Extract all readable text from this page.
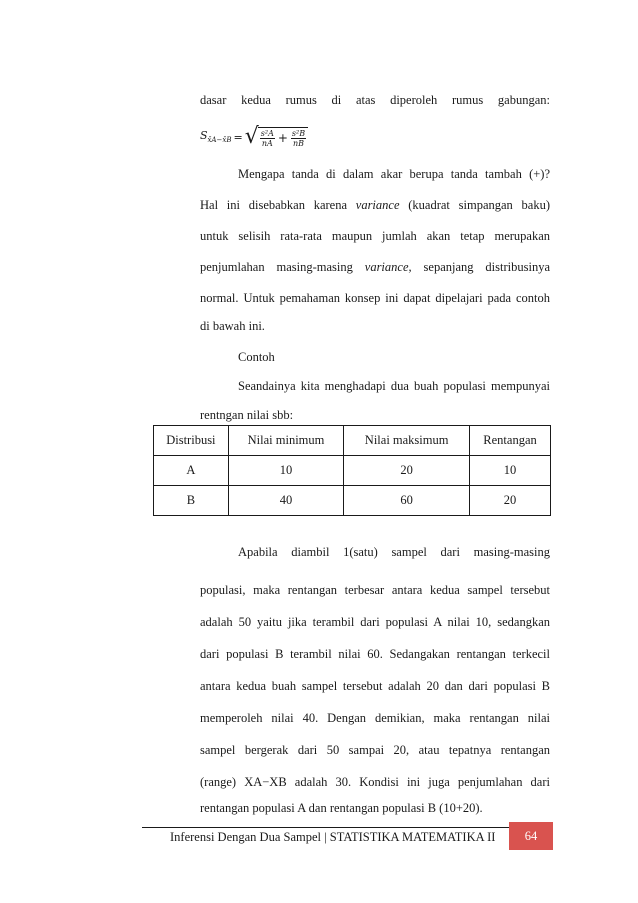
dasar kedua rumus di atas diperoleh rumus gabungan:
$S_{x̄A-x̄B}$ = √ $\frac{\text{s²A}}{nA} + \frac{\text{s²B}}{nB}$
Mengapa tanda di dalam akar berupa tanda tambah (+)?
Hal ini disebabkan karena variance (kuadrat simpangan baku)
untuk selisih rata-rata maupun jumlah akan tetap merupakan
penjumlahan masing-masing variance, sepanjang distribusinya
normal. Untuk pemahaman konsep ini dapat dipelajari pada contoh
di bawah ini.
Contoh
Seandainya kita menghadapi dua buah populasi mempunyai
rentngan nilai sbb:
Distribusi	Nilai minimum	Nilai maksimum	Rentangan
A	10	20	10
B	40	60	20
Apabila diambil 1(satu) sampel dari masing-masing
populasi, maka rentangan terbesar antara kedua sampel tersebut
adalah 50 yaitu jika terambil dari populasi A nilai 10, sedangkan
dari populasi B terambil nilai 60. Sedangakan rentangan terkecil
antara kedua buah sampel tersebut adalah 20 dan dari populasi B
memperoleh nilai 40. Dengan demikian, maka rentangan nilai
sampel bergerak dari 50 sampai 20, atau tepatnya rentangan
(range) XA−XB adalah 30. Kondisi ini juga penjumlahan dari
rentangan populasi A dan rentangan populasi B (10+20).
Inferensi Dengan Dua Sampel | STATISTIKA MATEMATIKA II	64
